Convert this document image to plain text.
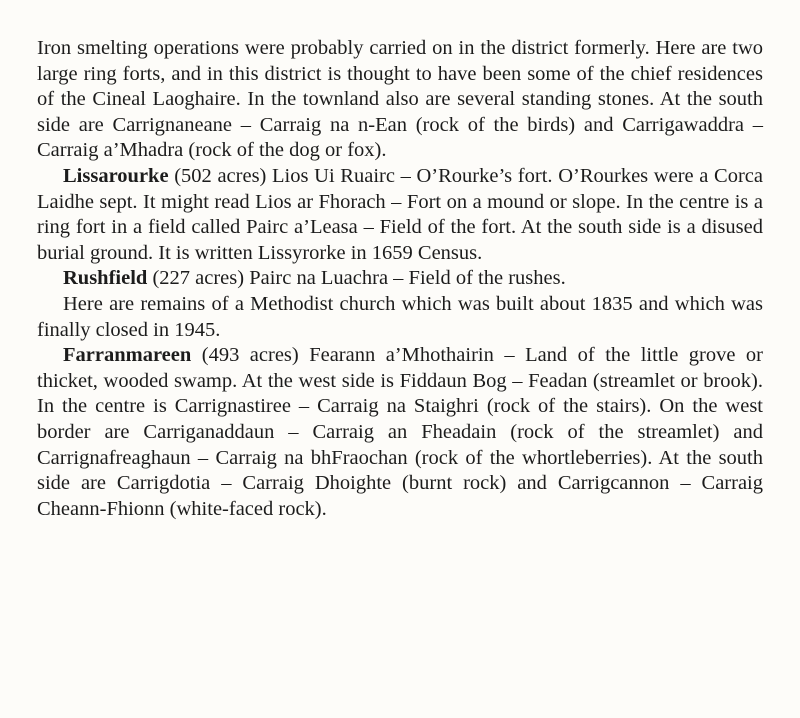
Iron smelting operations were probably carried on in the district formerly. Here are two large ring forts, and in this district is thought to have been some of the chief residences of the Cineal Laoghaire. In the townland also are several standing stones. At the south side are Carrignaneane – Carraig na n-Ean (rock of the birds) and Carrigawaddra – Carraig a’Mhadra (rock of the dog or fox).

Lissarourke (502 acres) Lios Ui Ruairc – O’Rourke’s fort. O’Rourkes were a Corca Laidhe sept. It might read Lios ar Fhorach – Fort on a mound or slope. In the centre is a ring fort in a field called Pairc a’Leasa – Field of the fort. At the south side is a disused burial ground. It is written Lissyrorke in 1659 Census.

Rushfield (227 acres) Pairc na Luachra – Field of the rushes.

Here are remains of a Methodist church which was built about 1835 and which was finally closed in 1945.

Farranmareen (493 acres) Fearann a’Mhothairin – Land of the little grove or thicket, wooded swamp. At the west side is Fiddaun Bog – Feadan (streamlet or brook). In the centre is Carrignastiree – Carraig na Staighri (rock of the stairs). On the west border are Carriganaddaun – Carraig an Fheadain (rock of the streamlet) and Carrignafreaghaun – Carraig na bhFraochan (rock of the whortleberries). At the south side are Carrigdotia – Carraig Dhoighte (burnt rock) and Carrigcannon – Carraig Cheann-Fhionn (white-faced rock).
